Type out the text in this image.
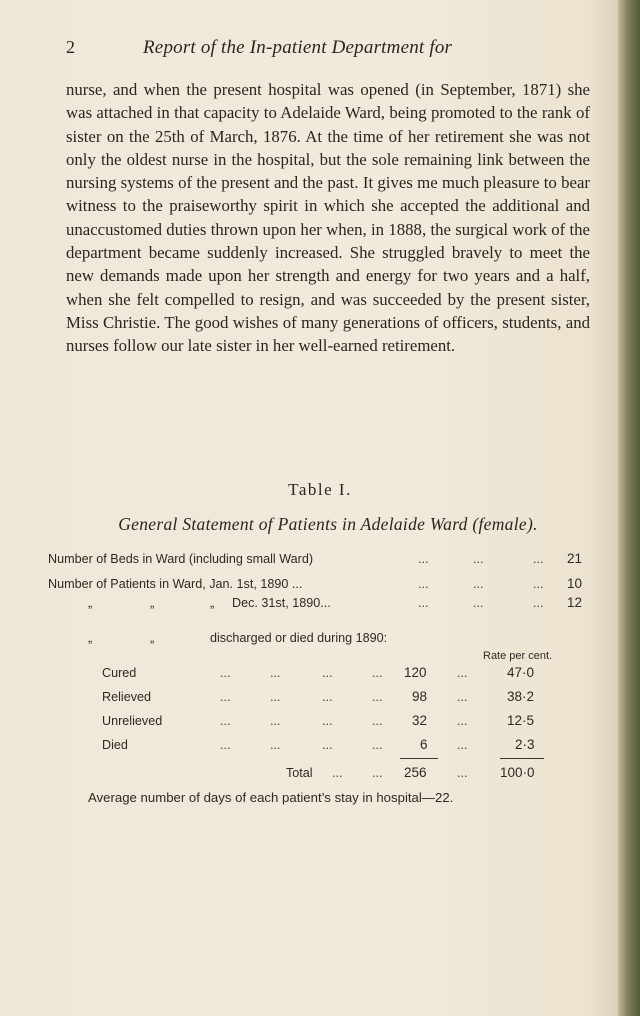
2	Report of the In-patient Department for

nurse, and when the present hospital was opened (in September, 1871) she was attached in that capacity to Adelaide Ward, being promoted to the rank of sister on the 25th of March, 1876. At the time of her retirement she was not only the oldest nurse in the hospital, but the sole remaining link between the nursing systems of the present and the past. It gives me much pleasure to bear witness to the praiseworthy spirit in which she accepted the additional and unaccustomed duties thrown upon her when, in 1888, the surgical work of the department became suddenly increased. She struggled bravely to meet the new demands made upon her strength and energy for two years and a half, when she felt compelled to resign, and was succeeded by the present sister, Miss Christie. The good wishes of many generations of officers, students, and nurses follow our late sister in her well-earned retirement.

Table I.
General Statement of Patients in Adelaide Ward (female).
Number of Beds in Ward (including small Ward)	...	...	... 21
Number of Patients in Ward, Jan. 1st, 1890 ...	...	...	... 10
„	„	„ Dec. 31st, 1890...	...	...	... 12
„	„	discharged or died during 1890:
Rate per cent.
Cured	...	...	...	... 120 ...	47·0
Relieved	...	...	...	... 98 ...	38·2
Unrelieved	...	...	...	... 32 ...	12·5
Died	...	...	...	...	6 ...	2·3
Total ... ... 256 ... 100·0
Average number of days of each patient’s stay in hospital—22.
